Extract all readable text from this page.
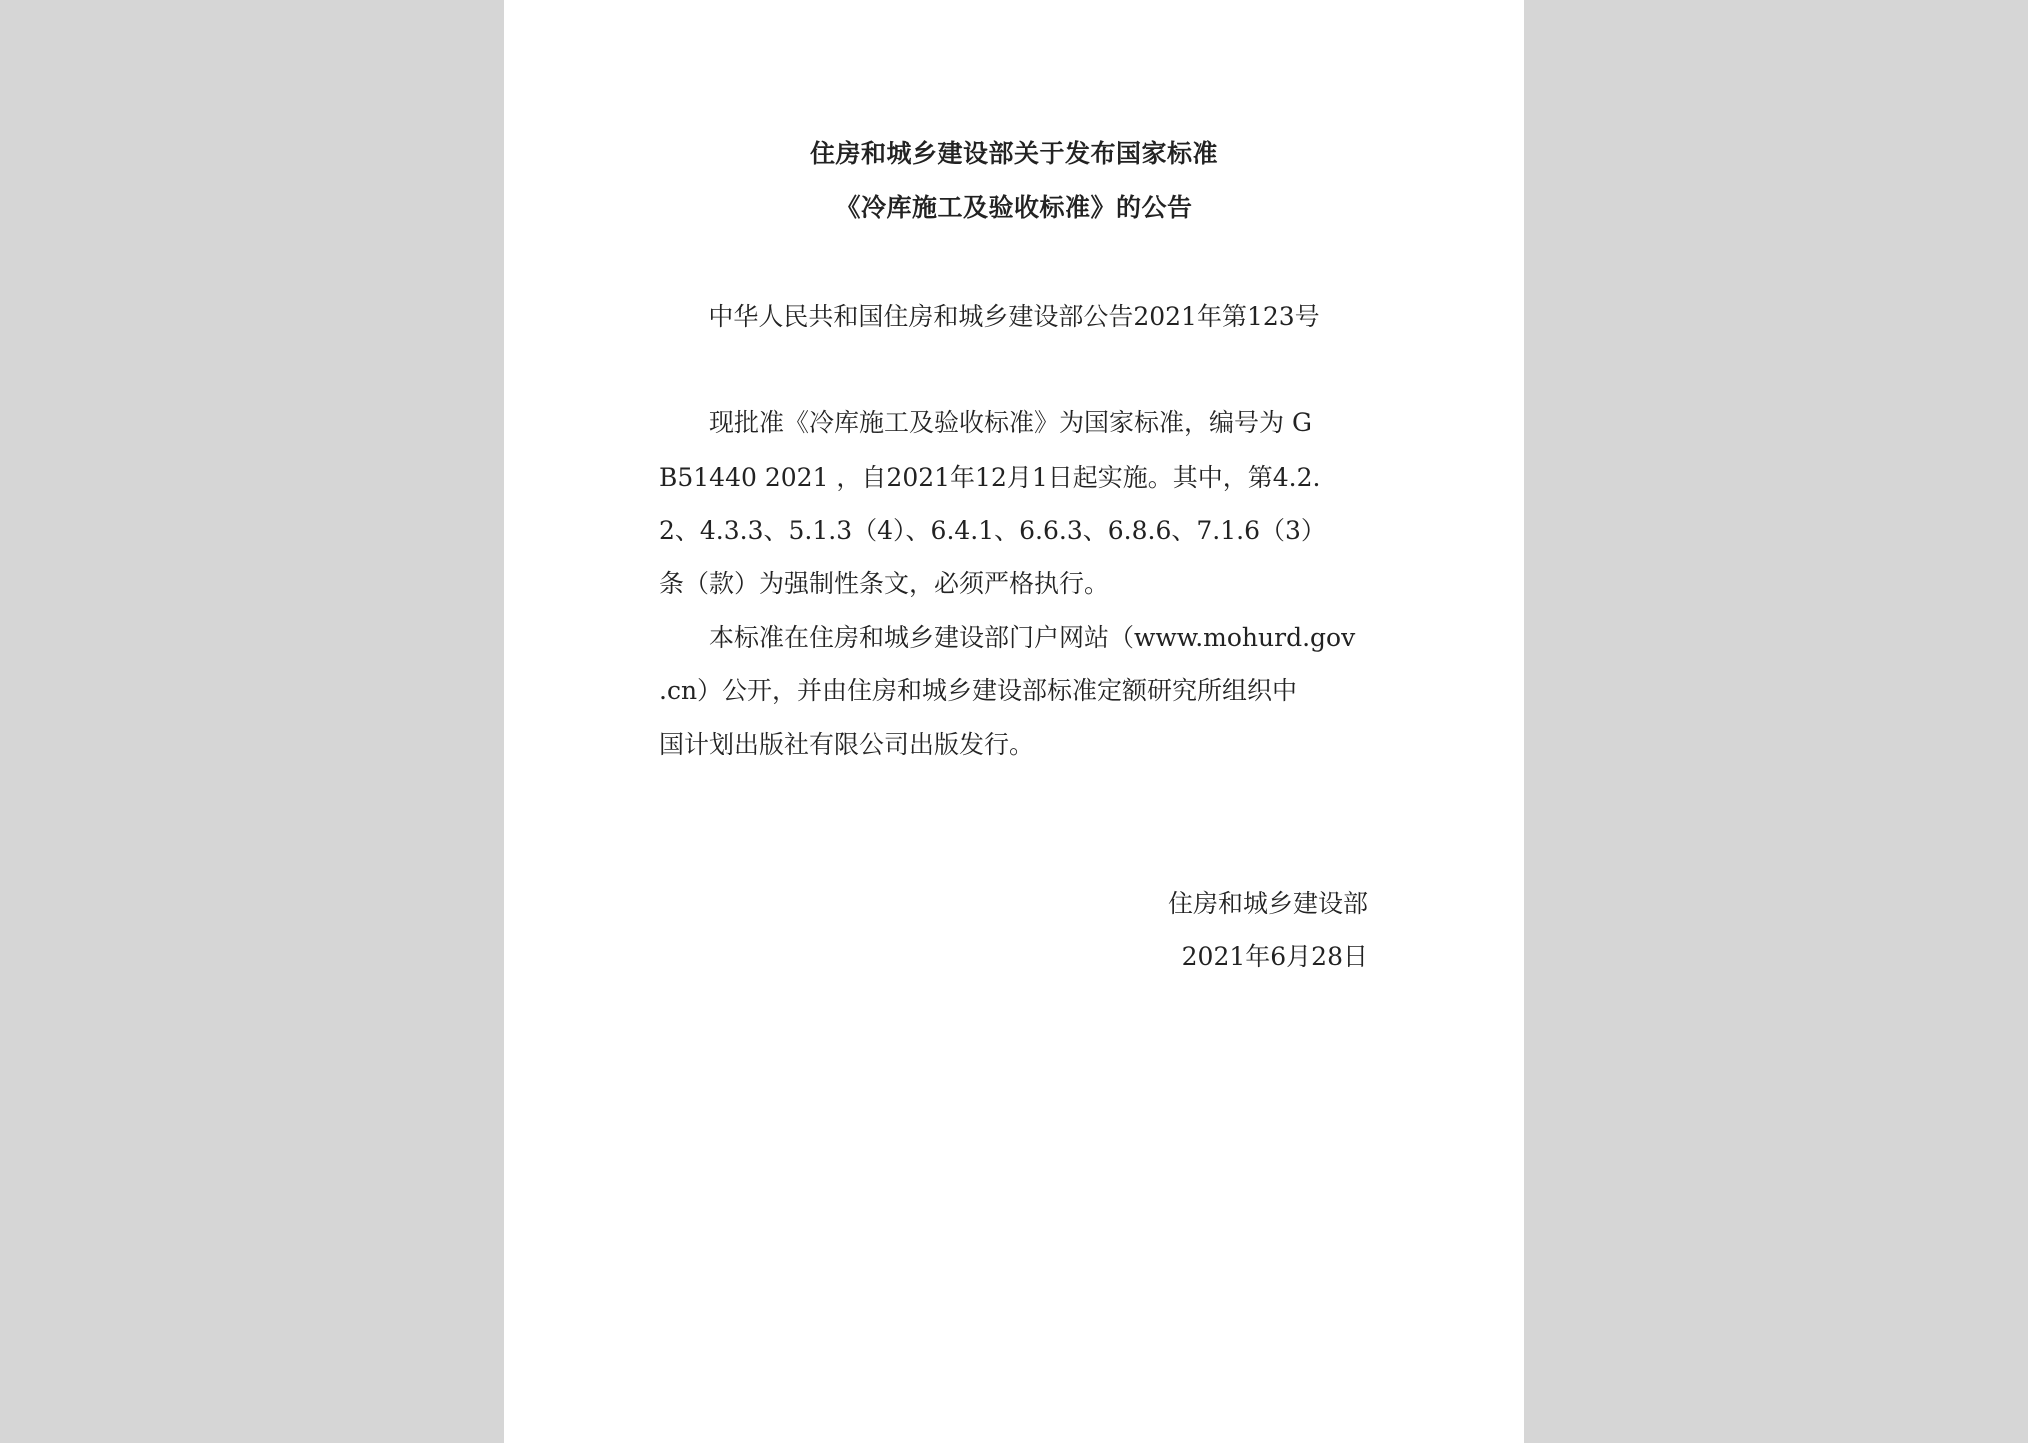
住房和城乡建设部关于发布国家标准
《冷库施工及验收标准》的公告
中华人民共和国住房和城乡建设部公告2021年第123号
　　现批准《冷库施工及验收标准》为国家标准，编号为 G
B51440 2021 ，自2021年12月1日起实施。其中，第4.2.
2、4.3.3、5.1.3（4）、6.4.1、6.6.3、6.8.6、7.1.6（3）
条（款）为强制性条文，必须严格执行。
　　本标准在住房和城乡建设部门户网站（www.mohurd.gov
.cn）公开，并由住房和城乡建设部标准定额研究所组织中
国计划出版社有限公司出版发行。
住房和城乡建设部
2021年6月28日
